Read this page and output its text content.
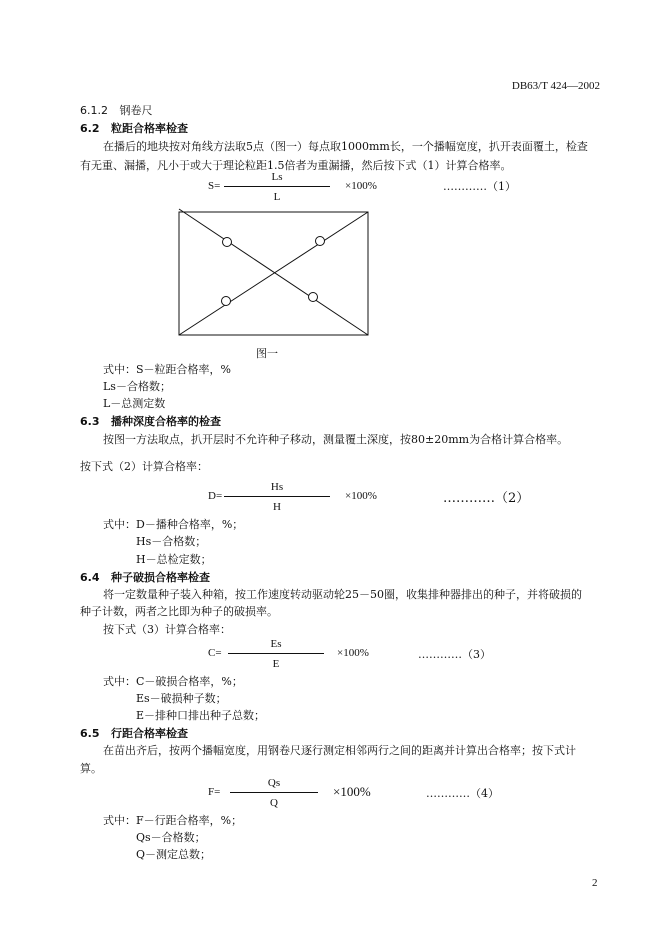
DB63/T 424—2002
6.1.2 钢卷尺
6.2 粒距合格率检查
在播后的地块按对角线方法取5点（图一）每点取1000mm长，一个播幅宽度，扒开表面覆土，检查
有无重、漏播，凡小于或大于理论粒距1.5倍者为重漏播，然后按下式（1）计算合格率。
S=
Ls
L
×100%	…………（1）
图一
式中：S－粒距合格率，%
Ls－合格数；
L－总测定数
6.3 播种深度合格率的检查
按图一方法取点，扒开层时不允许种子移动，测量覆土深度，按80±20mm为合格计算合格率。
按下式（2）计算合格率：
D=
Hs
H
×100%	…………（2）
式中：D－播种合格率，%；
Hs－合格数；
H－总检定数；
6.4 种子破损合格率检查
将一定数量种子装入种箱，按工作速度转动驱动轮25－50圈，收集排种器排出的种子，并将破损的
种子计数，两者之比即为种子的破损率。
按下式（3）计算合格率：
C=
Es
E
×100%	…………（3）
式中：C－破损合格率，%；
Es－破损种子数；
E－排种口排出种子总数；
6.5 行距合格率检查
在苗出齐后，按两个播幅宽度，用钢卷尺逐行测定相邻两行之间的距离并计算出合格率；按下式计
算。
F=
Qs
Q
×100%	…………（4）
式中：F－行距合格率，%；
Qs－合格数；
Q－测定总数；
2
